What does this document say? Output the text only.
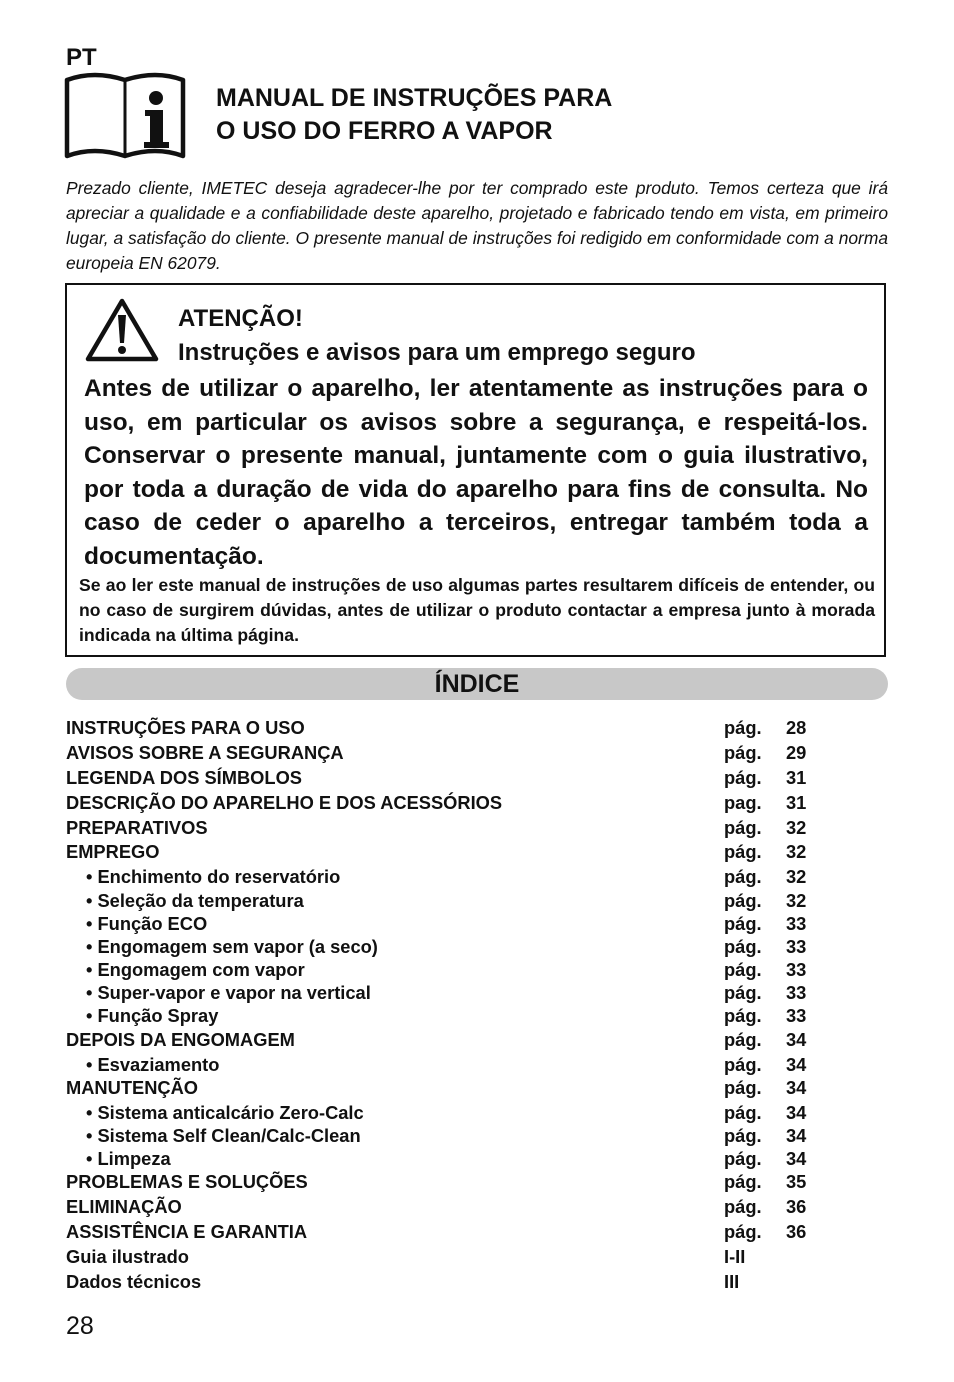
PT
MANUAL DE INSTRUÇÕES PARA
O USO DO FERRO A VAPOR
Prezado cliente, IMETEC deseja agradecer-lhe por ter comprado este produto. Temos certeza que irá apreciar a qualidade e a confiabilidade deste aparelho, projetado e fabricado tendo em vista, em primeiro lugar, a satisfação do cliente. O presente manual de instruções foi redigido em conformidade com a norma europeia EN 62079.
ATENÇÃO!
Instruções e avisos para um emprego seguro
Antes de utilizar o aparelho, ler atentamente as instruções para o uso, em particular os avisos sobre a segurança, e respeitá-los. Conservar o presente manual, juntamente com o guia ilustrativo, por toda a duração de vida do aparelho para fins de consulta. No caso de ceder o aparelho a terceiros, entregar também toda a documentação.
Se ao ler este manual de instruções de uso algumas partes resultarem difíceis de entender, ou no caso de surgirem dúvidas, antes de utilizar o produto contactar a empresa junto à morada indicada na última página.
ÍNDICE
INSTRUÇÕES PARA O USO	pág. 28
AVISOS SOBRE A SEGURANÇA	pág. 29
LEGENDA DOS SÍMBOLOS	pág. 31
DESCRIÇÃO DO APARELHO E DOS ACESSÓRIOS	pag. 31
PREPARATIVOS	pág. 32
EMPREGO	pág. 32
• Enchimento do reservatório	pág. 32
• Seleção da temperatura	pág. 32
• Função ECO	pág. 33
• Engomagem sem vapor (a seco)	pág. 33
• Engomagem com vapor	pág. 33
• Super-vapor e vapor na vertical	pág. 33
• Função Spray	pág. 33
DEPOIS DA ENGOMAGEM	pág. 34
• Esvaziamento	pág. 34
MANUTENÇÃO	pág. 34
• Sistema anticalcário Zero-Calc	pág. 34
• Sistema Self Clean/Calc-Clean	pág. 34
• Limpeza	pág. 34
PROBLEMAS E SOLUÇÕES	pág. 35
ELIMINAÇÃO	pág. 36
ASSISTÊNCIA E GARANTIA	pág. 36
Guia ilustrado	I-II
Dados técnicos	III
28
